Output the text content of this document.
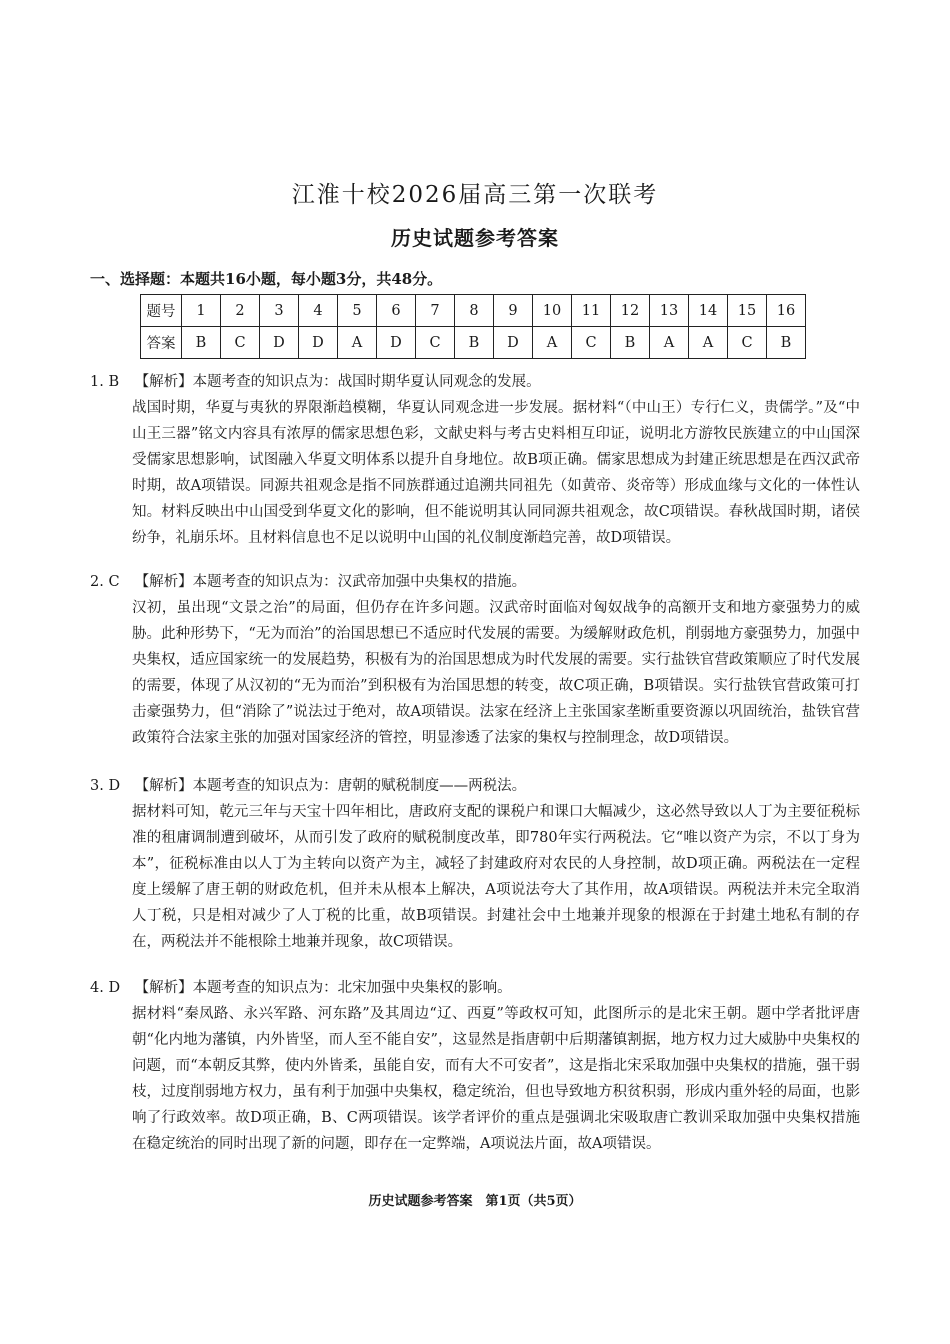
江淮十校2026届高三第一次联考
历史试题参考答案
一、选择题：本题共16小题，每小题3分，共48分。
题号	1	2	3	4	5	6	7	8	9	10	11	12	13	14	15	16
答案	B	C	D	D	A	D	C	B	D	A	C	B	A	A	C	B
1. B 【解析】本题考查的知识点为：战国时期华夏认同观念的发展。
战国时期，华夏与夷狄的界限渐趋模糊，华夏认同观念进一步发展。据材料“（中山王）专行仁义，贵儒学。”及“中山王三器”铭文内容具有浓厚的儒家思想色彩，文献史料与考古史料相互印证，说明北方游牧民族建立的中山国深受儒家思想影响，试图融入华夏文明体系以提升自身地位。故B项正确。儒家思想成为封建正统思想是在西汉武帝时期，故A项错误。同源共祖观念是指不同族群通过追溯共同祖先（如黄帝、炎帝等）形成血缘与文化的一体性认知。材料反映出中山国受到华夏文化的影响，但不能说明其认同同源共祖观念，故C项错误。春秋战国时期，诸侯纷争，礼崩乐坏。且材料信息也不足以说明中山国的礼仪制度渐趋完善，故D项错误。
2. C 【解析】本题考查的知识点为：汉武帝加强中央集权的措施。
汉初，虽出现“文景之治”的局面，但仍存在许多问题。汉武帝时面临对匈奴战争的高额开支和地方豪强势力的威胁。此种形势下，“无为而治”的治国思想已不适应时代发展的需要。为缓解财政危机，削弱地方豪强势力，加强中央集权，适应国家统一的发展趋势，积极有为的治国思想成为时代发展的需要。实行盐铁官营政策顺应了时代发展的需要，体现了从汉初的“无为而治”到积极有为治国思想的转变，故C项正确，B项错误。实行盐铁官营政策可打击豪强势力，但“消除了”说法过于绝对，故A项错误。法家在经济上主张国家垄断重要资源以巩固统治，盐铁官营政策符合法家主张的加强对国家经济的管控，明显渗透了法家的集权与控制理念，故D项错误。
3. D 【解析】本题考查的知识点为：唐朝的赋税制度——两税法。
据材料可知，乾元三年与天宝十四年相比，唐政府支配的课税户和课口大幅减少，这必然导致以人丁为主要征税标准的租庸调制遭到破坏，从而引发了政府的赋税制度改革，即780年实行两税法。它“唯以资产为宗，不以丁身为本”，征税标准由以人丁为主转向以资产为主，减轻了封建政府对农民的人身控制，故D项正确。两税法在一定程度上缓解了唐王朝的财政危机，但并未从根本上解决，A项说法夸大了其作用，故A项错误。两税法并未完全取消人丁税，只是相对减少了人丁税的比重，故B项错误。封建社会中土地兼并现象的根源在于封建土地私有制的存在，两税法并不能根除土地兼并现象，故C项错误。
4. D 【解析】本题考查的知识点为：北宋加强中央集权的影响。
据材料“秦凤路、永兴军路、河东路”及其周边“辽、西夏”等政权可知，此图所示的是北宋王朝。题中学者批评唐朝“化内地为藩镇，内外皆坚，而人至不能自安”，这显然是指唐朝中后期藩镇割据，地方权力过大威胁中央集权的问题，而“本朝反其弊，使内外皆柔，虽能自安，而有大不可安者”，这是指北宋采取加强中央集权的措施，强干弱枝，过度削弱地方权力，虽有利于加强中央集权，稳定统治，但也导致地方积贫积弱，形成内重外轻的局面，也影响了行政效率。故D项正确，B、C两项错误。该学者评价的重点是强调北宋吸取唐亡教训采取加强中央集权措施在稳定统治的同时出现了新的问题，即存在一定弊端，A项说法片面，故A项错误。
历史试题参考答案　第1页（共5页）
